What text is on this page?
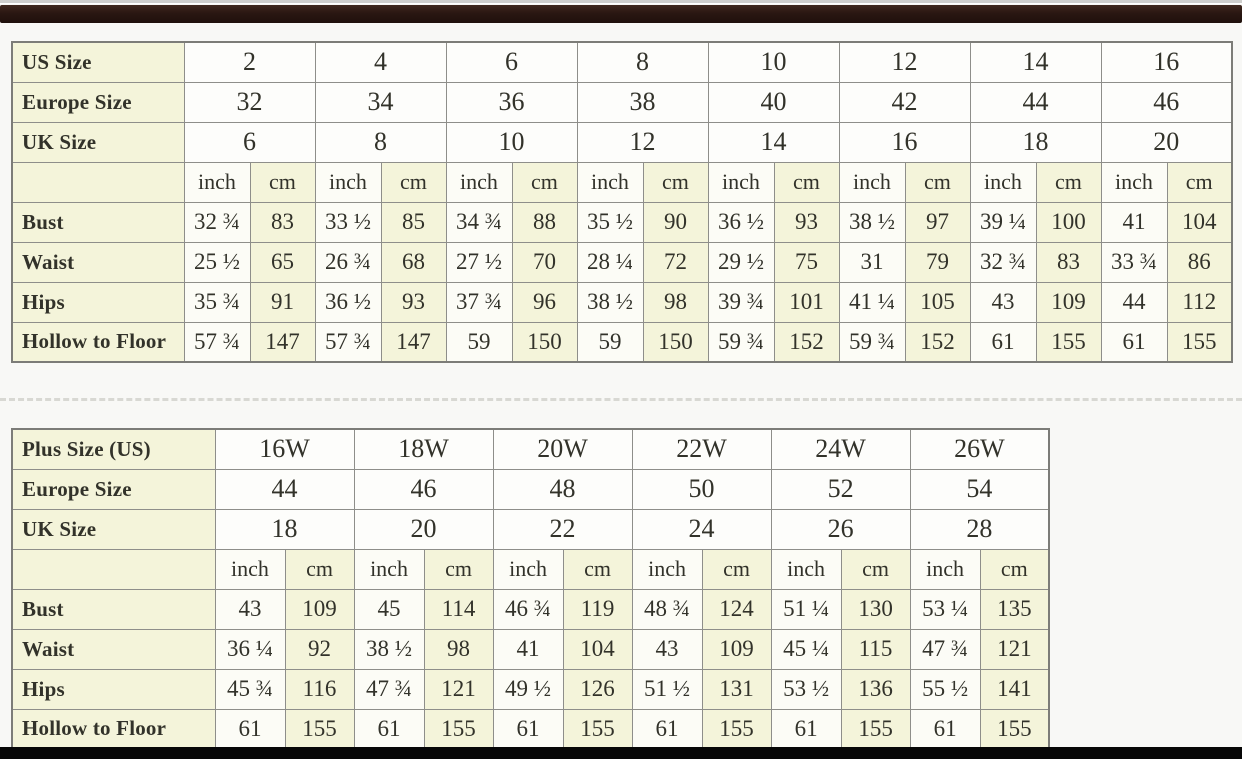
US Size	2		4		6		8		10		12		14		16	
Europe Size	32		34		36		38		40		42		44		46	
UK Size	6		8		10		12		14		16		18		20	
	inch	cm	inch	cm	inch	cm	inch	cm	inch	cm	inch	cm	inch	cm	inch	cm
Bust	32 ¾	83	33 ½	85	34 ¾	88	35 ½	90	36 ½	93	38 ½	97	39 ¼	100	41	104
Waist	25 ½	65	26 ¾	68	27 ½	70	28 ¼	72	29 ½	75	31	79	32 ¾	83	33 ¾	86
Hips	35 ¾	91	36 ½	93	37 ¾	96	38 ½	98	39 ¾	101	41 ¼	105	43	109	44	112
Hollow to Floor	57 ¾	147	57 ¾	147	59	150	59	150	59 ¾	152	59 ¾	152	61	155	61	155
Plus Size (US)	16W		18W		20W		22W		24W		26W	
Europe Size	44		46		48		50		52		54	
UK Size	18		20		22		24		26		28	
	inch	cm	inch	cm	inch	cm	inch	cm	inch	cm	inch	cm
Bust	43	109	45	114	46 ¾	119	48 ¾	124	51 ¼	130	53 ¼	135
Waist	36 ¼	92	38 ½	98	41	104	43	109	45 ¼	115	47 ¾	121
Hips	45 ¾	116	47 ¾	121	49 ½	126	51 ½	131	53 ½	136	55 ½	141
Hollow to Floor	61	155	61	155	61	155	61	155	61	155	61	155
